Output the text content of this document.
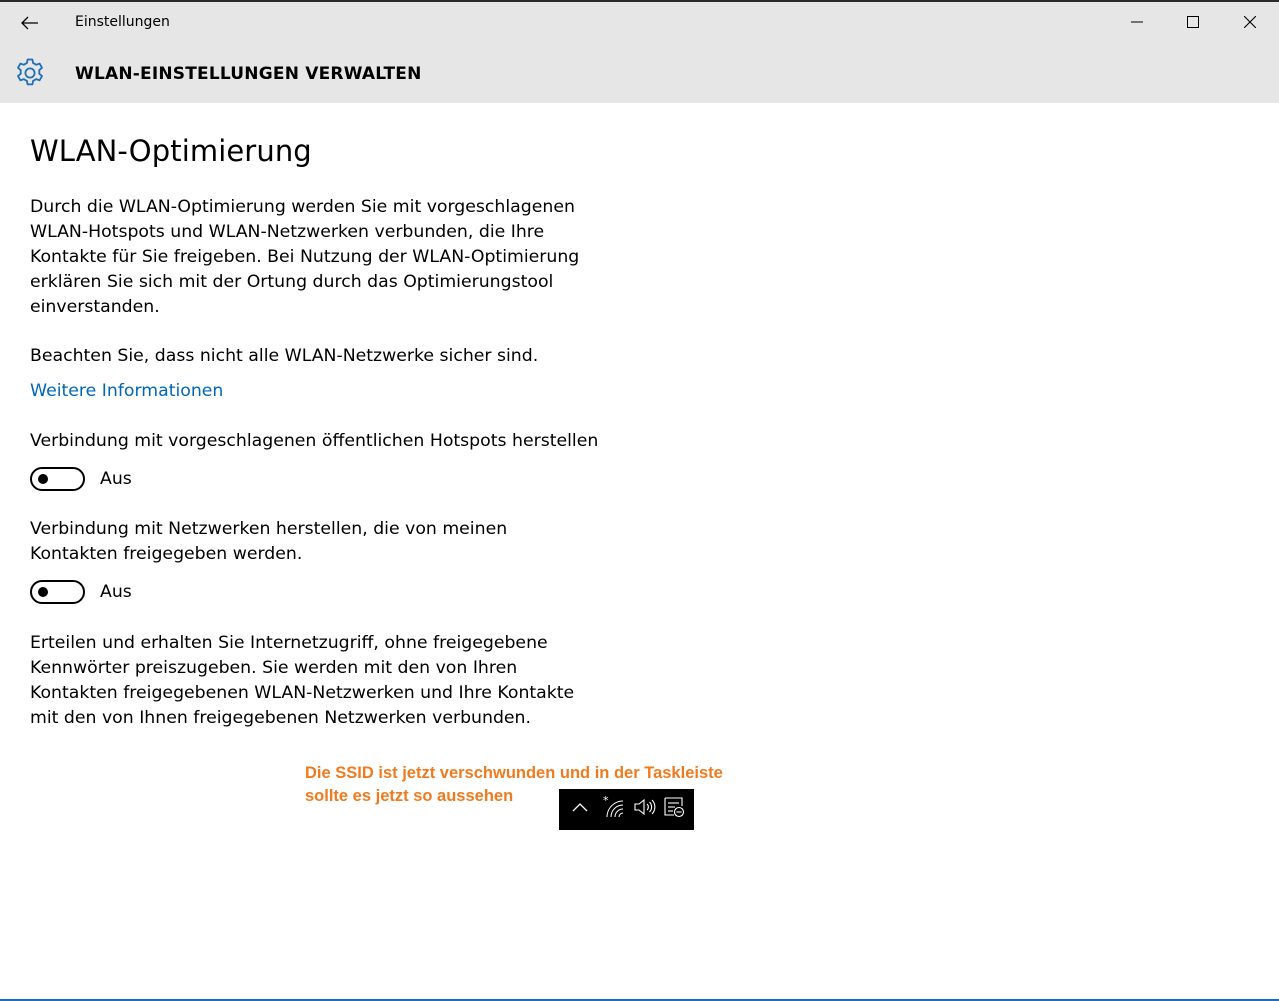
Einstellungen
WLAN-EINSTELLUNGEN VERWALTEN
WLAN-Optimierung
Durch die WLAN-Optimierung werden Sie mit vorgeschlagenen WLAN-Hotspots und WLAN-Netzwerken verbunden, die Ihre Kontakte für Sie freigeben. Bei Nutzung der WLAN-Optimierung erklären Sie sich mit der Ortung durch das Optimierungstool einverstanden.
Beachten Sie, dass nicht alle WLAN-Netzwerke sicher sind.
Weitere Informationen
Verbindung mit vorgeschlagenen öffentlichen Hotspots herstellen
Aus
Verbindung mit Netzwerken herstellen, die von meinen Kontakten freigegeben werden.
Aus
Erteilen und erhalten Sie Internetzugriff, ohne freigegebene Kennwörter preiszugeben. Sie werden mit den von Ihren Kontakten freigegebenen WLAN-Netzwerken und Ihre Kontakte mit den von Ihnen freigegebenen Netzwerken verbunden.
Die SSID ist jetzt verschwunden und in der Taskleiste
sollte es jetzt so aussehen	*
